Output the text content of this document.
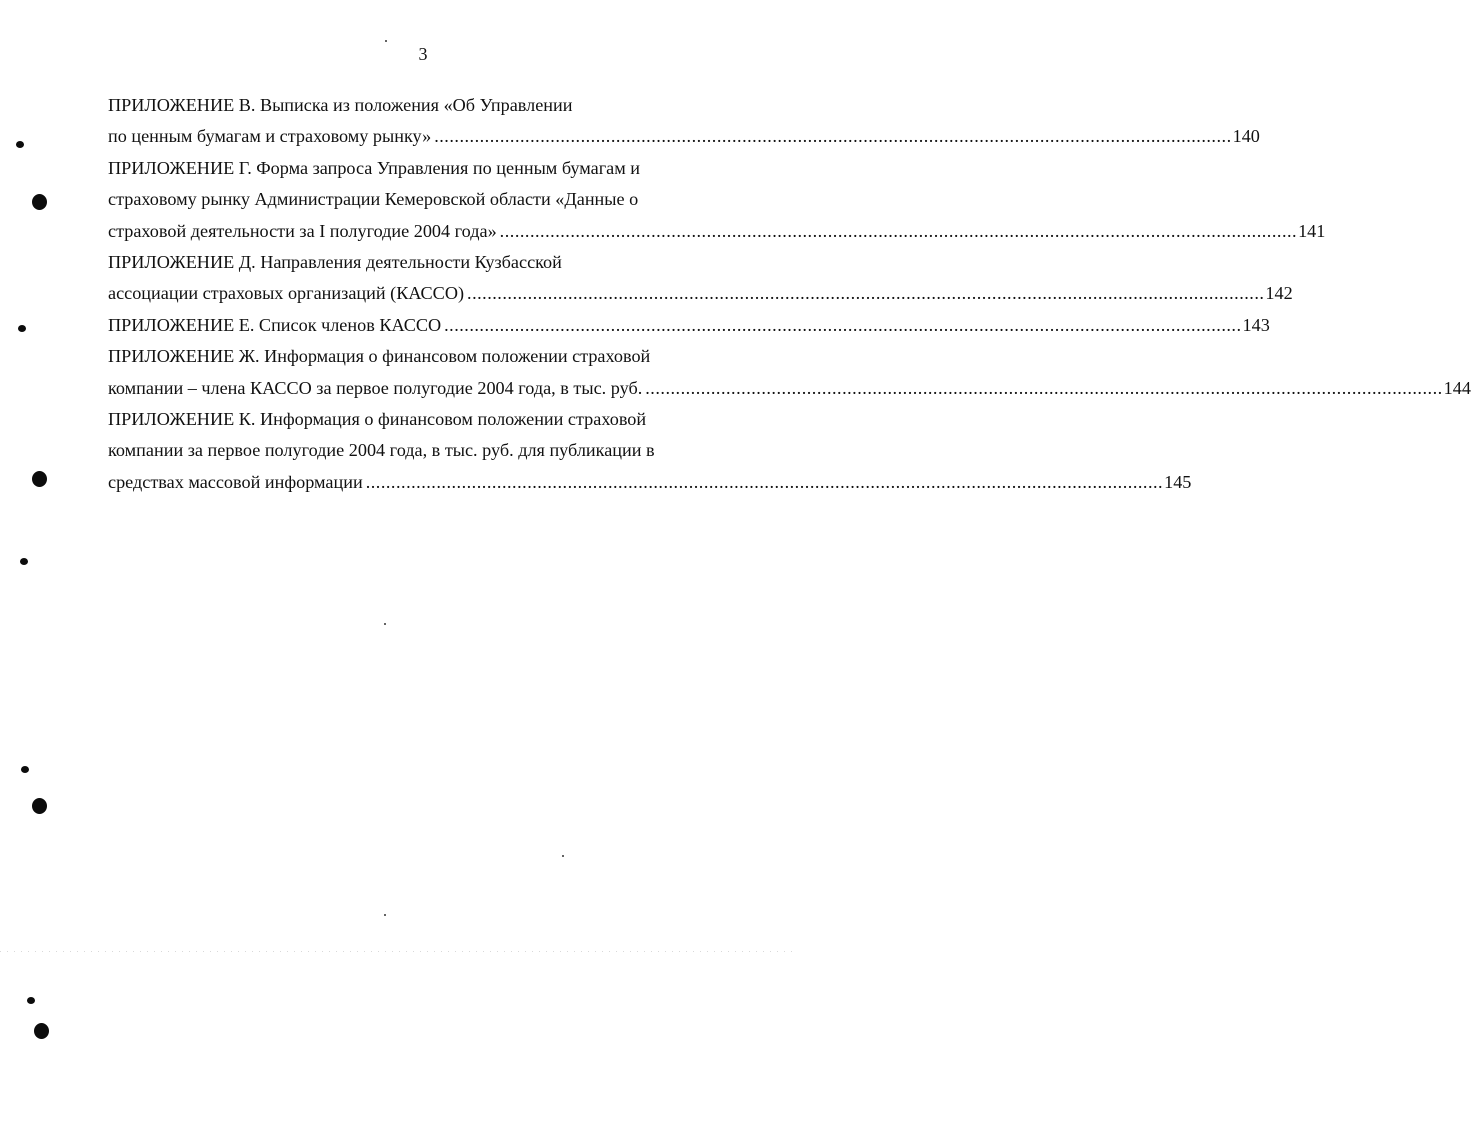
3
ПРИЛОЖЕНИЕ В. Выписка из положения «Об Управлении
по ценным бумагам и страховому рынку» .............................................................................................................................................................. 140
ПРИЛОЖЕНИЕ Г. Форма запроса Управления по ценным бумагам и
страховому рынку Администрации Кемеровской области «Данные о
страховой деятельности за I полугодие 2004 года» .............................................................................................................................................................. 141
ПРИЛОЖЕНИЕ Д. Направления деятельности Кузбасской
ассоциации страховых организаций (КАССО) .............................................................................................................................................................. 142
ПРИЛОЖЕНИЕ Е. Список членов КАССО .............................................................................................................................................................. 143
ПРИЛОЖЕНИЕ Ж. Информация о финансовом положении страховой
компании – члена КАССО за первое полугодие 2004 года, в тыс. руб. .............................................................................................................................................................. 144
ПРИЛОЖЕНИЕ К. Информация о финансовом положении страховой
компании за первое полугодие 2004 года, в тыс. руб. для публикации в
средствах массовой информации .............................................................................................................................................................. 145
